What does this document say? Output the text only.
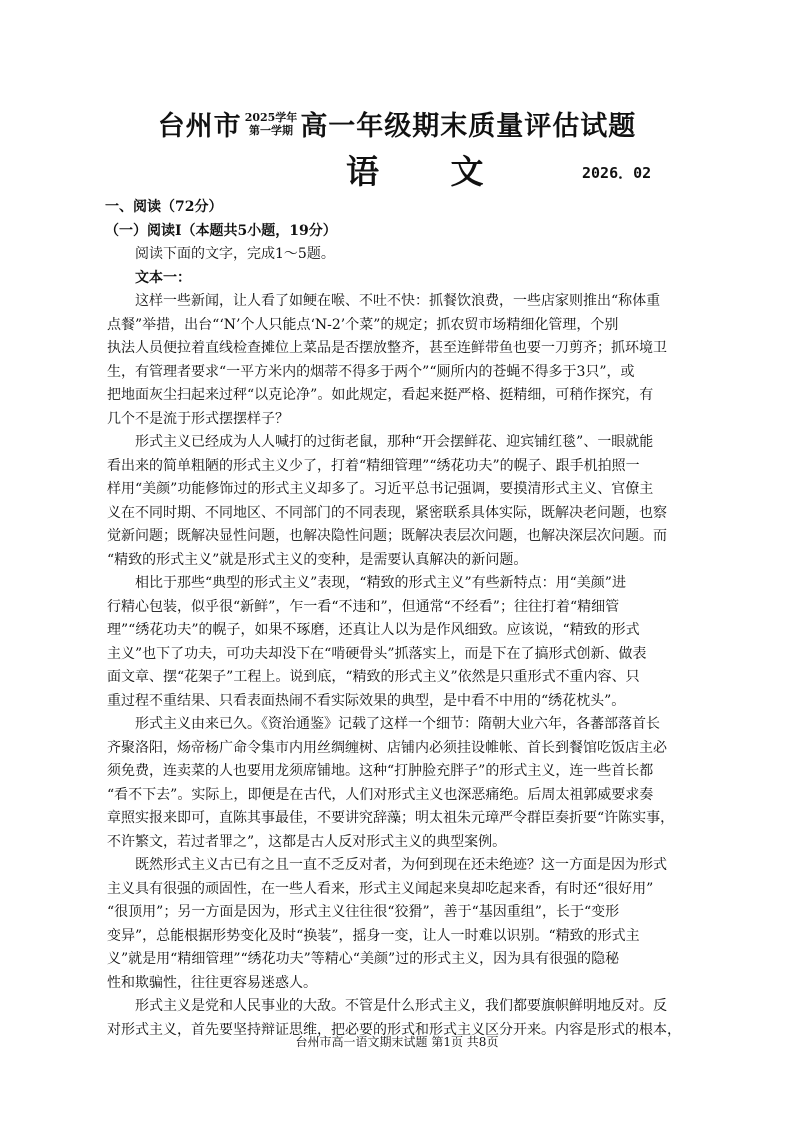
台州市 2025学年
第一学期 高一年级期末质量评估试题
语 文	2026．02
一、阅读（72分）
（一）阅读Ⅰ（本题共5小题，19分）
阅读下面的文字，完成1～5题。
文本一：
这样一些新闻，让人看了如鲠在喉、不吐不快：抓餐饮浪费，一些店家则推出“称体重
点餐”举措，出台“‘N’个人只能点‘N-2’个菜”的规定；抓农贸市场精细化管理，个别
执法人员便拉着直线检查摊位上菜品是否摆放整齐，甚至连鲜带鱼也要一刀剪齐；抓环境卫
生，有管理者要求“一平方米内的烟蒂不得多于两个”“厕所内的苍蝇不得多于3只”，或
把地面灰尘扫起来过秤“以克论净”。如此规定，看起来挺严格、挺精细，可稍作探究，有
几个不是流于形式摆摆样子？
形式主义已经成为人人喊打的过街老鼠，那种“开会摆鲜花、迎宾铺红毯”、一眼就能
看出来的简单粗陋的形式主义少了，打着“精细管理”“绣花功夫”的幌子、跟手机拍照一
样用“美颜”功能修饰过的形式主义却多了。习近平总书记强调，要摸清形式主义、官僚主
义在不同时期、不同地区、不同部门的不同表现，紧密联系具体实际，既解决老问题，也察
觉新问题；既解决显性问题，也解决隐性问题；既解决表层次问题，也解决深层次问题。而
“精致的形式主义”就是形式主义的变种，是需要认真解决的新问题。
相比于那些“典型的形式主义”表现，“精致的形式主义”有些新特点：用“美颜”进
行精心包装，似乎很“新鲜”，乍一看“不违和”，但通常“不经看”；往往打着“精细管
理”“绣花功夫”的幌子，如果不琢磨，还真让人以为是作风细致。应该说，“精致的形式
主义”也下了功夫，可功夫却没下在“啃硬骨头”抓落实上，而是下在了搞形式创新、做表
面文章、摆“花架子”工程上。说到底，“精致的形式主义”依然是只重形式不重内容、只
重过程不重结果、只看表面热闹不看实际效果的典型，是中看不中用的“绣花枕头”。
形式主义由来已久。《资治通鉴》记载了这样一个细节：隋朝大业六年，各蕃部落首长
齐聚洛阳，炀帝杨广命令集市内用丝绸缠树、店铺内必须挂设帷帐、首长到餐馆吃饭店主必
须免费，连卖菜的人也要用龙须席铺地。这种“打肿脸充胖子”的形式主义，连一些首长都
“看不下去”。实际上，即便是在古代，人们对形式主义也深恶痛绝。后周太祖郭威要求奏
章照实报来即可，直陈其事最佳，不要讲究辞藻；明太祖朱元璋严令群臣奏折要“许陈实事，
不许繁文，若过者罪之”，这都是古人反对形式主义的典型案例。
既然形式主义古已有之且一直不乏反对者，为何到现在还未绝迹？这一方面是因为形式
主义具有很强的顽固性，在一些人看来，形式主义闻起来臭却吃起来香，有时还“很好用”
“很顶用”；另一方面是因为，形式主义往往很“狡猾”，善于“基因重组”，长于“变形
变异”，总能根据形势变化及时“换装”，摇身一变，让人一时难以识别。“精致的形式主
义”就是用“精细管理”“绣花功夫”等精心“美颜”过的形式主义，因为具有很强的隐秘
性和欺骗性，往往更容易迷惑人。
形式主义是党和人民事业的大敌。不管是什么形式主义，我们都要旗帜鲜明地反对。反
对形式主义，首先要坚持辩证思维，把必要的形式和形式主义区分开来。内容是形式的根本，
台州市高一语文期末试题 第1页 共8页
